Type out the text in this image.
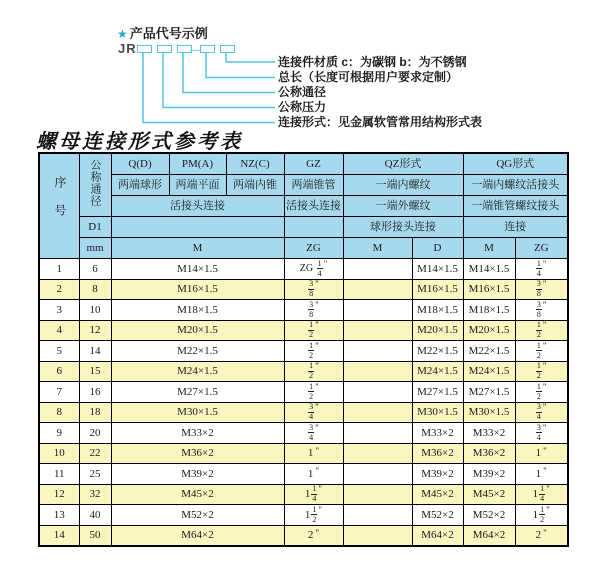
★ 产品代号示例
JR	—
连接件材质 c：为碳钢 b：为不锈钢
总长（长度可根据用户要求定制）
公称通径
公称压力
连接形式：见金属软管常用结构形式表
螺母连接形式参考表
序号	公称通径	Q(D)	PM(A)	NZ(C)	GZ	QZ形式		QG形式	
		两端球形	两端平面	两端内锥	两端锥管	一端内螺纹		一端内螺纹活接头	
		活接头连接			活接头连接	一端外螺纹		一端锥管螺纹接头	
	D1					球形接头连接		连接	
	mm	M			ZG	M	D	M	ZG
1	6	M14×1.5			ZG $\frac{1}{4} ^"$		M14×1.5	M14×1.5	$\frac{1}{4} ^"$
2	8	M16×1.5			$\frac{3}{8} ^"$		M16×1.5	M16×1.5	$\frac{3}{8} ^"$
3	10	M18×1.5			$\frac{3}{8} ^"$		M18×1.5	M18×1.5	$\frac{3}{8} ^"$
4	12	M20×1.5			$\frac{1}{2} ^"$		M20×1.5	M20×1.5	$\frac{1}{2} ^"$
5	14	M22×1.5			$\frac{1}{2} ^"$		M22×1.5	M22×1.5	$\frac{1}{2} ^"$
6	15	M24×1.5			$\frac{1}{2} ^"$		M24×1.5	M24×1.5	$\frac{1}{2} ^"$
7	16	M27×1.5			$\frac{1}{2} ^"$		M27×1.5	M27×1.5	$\frac{1}{2} ^"$
8	18	M30×1.5			$\frac{3}{4} ^"$		M30×1.5	M30×1.5	$\frac{3}{4} ^"$
9	20	M33×2			$\frac{3}{4} ^"$		M33×2	M33×2	$\frac{3}{4} ^"$
10	22	M36×2			1 "		M36×2	M36×2	1 "
11	25	M39×2			1 "		M39×2	M39×2	1 "
12	32	M45×2			$1 \frac{1}{4} ^"$		M45×2	M45×2	$1 \frac{1}{4} ^"$
13	40	M52×2			$1 \frac{1}{2} ^"$		M52×2	M52×2	$1 \frac{1}{2} ^"$
14	50	M64×2			2 "		M64×2	M64×2	2 "
